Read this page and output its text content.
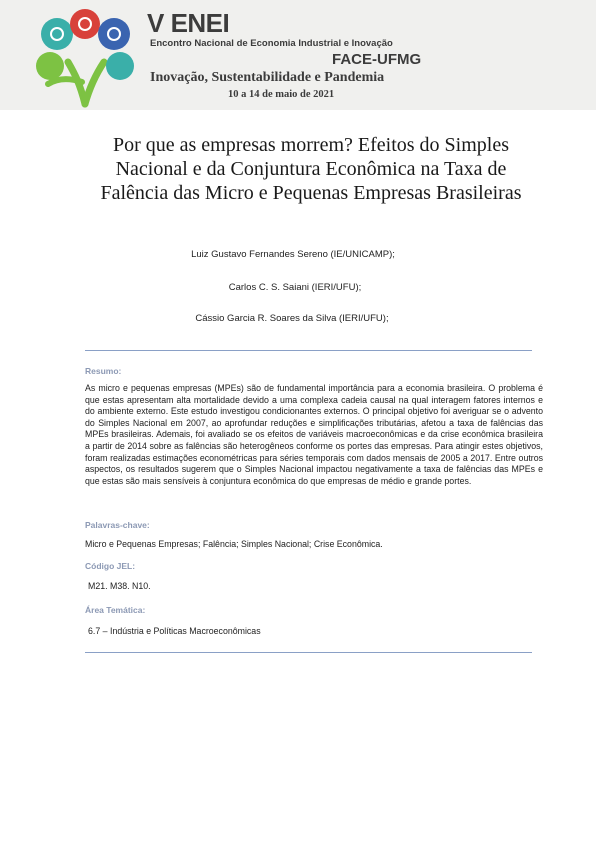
V ENEI
Encontro Nacional de Economia Industrial e Inovação
FACE-UFMG
Inovação, Sustentabilidade e Pandemia
10 a 14 de maio de 2021
Por que as empresas morrem? Efeitos do Simples Nacional e da Conjuntura Econômica na Taxa de Falência das Micro e Pequenas Empresas Brasileiras
Luiz Gustavo Fernandes Sereno (IE/UNICAMP);
Carlos C. S. Saiani (IERI/UFU);
Cássio Garcia R. Soares da Silva (IERI/UFU);
Resumo:
As micro e pequenas empresas (MPEs) são de fundamental importância para a economia brasileira. O problema é que estas apresentam alta mortalidade devido a uma complexa cadeia causal na qual interagem fatores internos e do ambiente externo. Este estudo investigou condicionantes externos. O principal objetivo foi averiguar se o advento do Simples Nacional em 2007, ao aprofundar reduções e simplificações tributárias, afetou a taxa de falências das MPEs brasileiras. Ademais, foi avaliado se os efeitos de variáveis macroeconômicas e da crise econômica brasileira a partir de 2014 sobre as falências são heterogêneos conforme os portes das empresas. Para atingir estes objetivos, foram realizadas estimações econométricas para séries temporais com dados mensais de 2005 a 2017. Entre outros aspectos, os resultados sugerem que o Simples Nacional impactou negativamente a taxa de falências das MPEs e que estas são mais sensíveis à conjuntura econômica do que empresas de médio e grande portes.
Palavras-chave:
Micro e Pequenas Empresas; Falência; Simples Nacional; Crise Econômica.
Código JEL:
M21. M38. N10.
Área Temática:
6.7 – Indústria e Políticas Macroeconômicas
